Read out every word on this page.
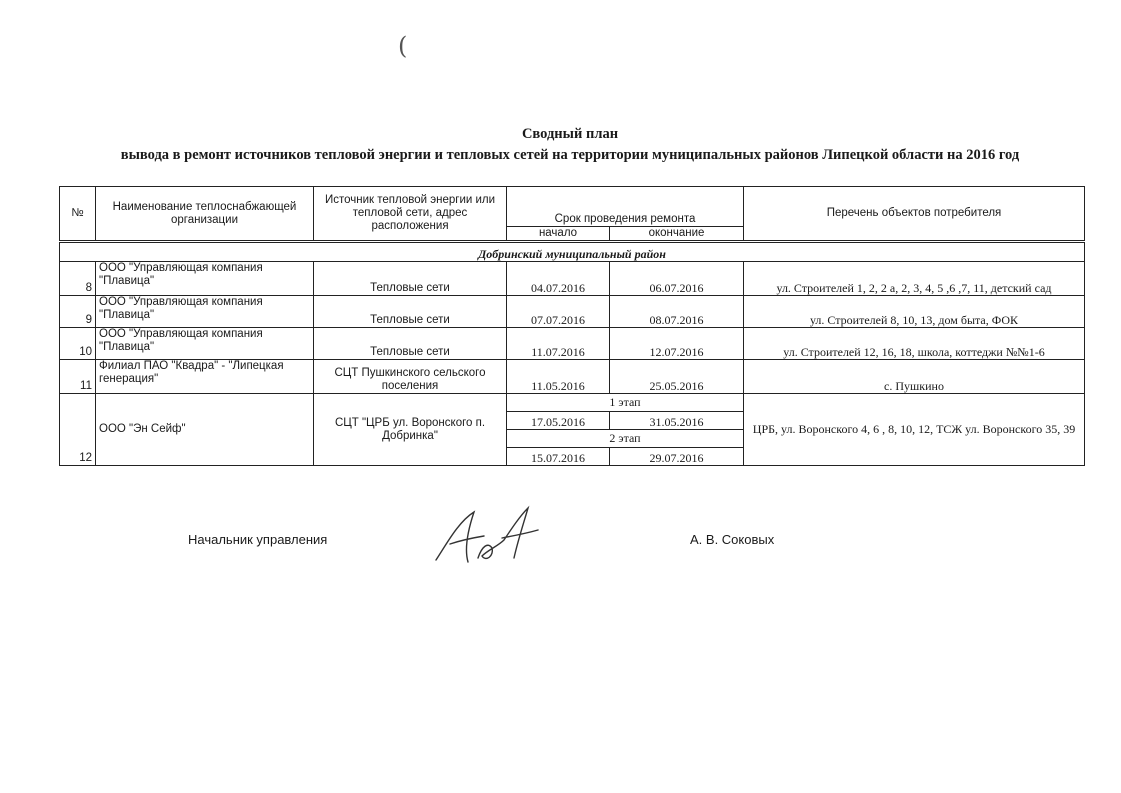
(
Сводный план
вывода в ремонт источников тепловой энергии и тепловых сетей на территории муниципальных районов Липецкой области на 2016 год
№	Наименование теплоснабжающей организации	Источник тепловой энергии или тепловой сети, адрес расположения	Срок проведения ремонта		Перечень объектов потребителя
			начало	окончание	
Добринский муниципальный район					
8	ООО "Управляющая компания "Плавица"	Тепловые сети	04.07.2016	06.07.2016	ул. Строителей 1, 2, 2 а, 2, 3, 4, 5 ,6 ,7, 11, детский сад
9	ООО "Управляющая компания "Плавица"	Тепловые сети	07.07.2016	08.07.2016	ул. Строителей 8, 10, 13, дом быта, ФОК
10	ООО "Управляющая компания "Плавица"	Тепловые сети	11.07.2016	12.07.2016	ул. Строителей 12, 16, 18, школа, коттеджи №№1-6
11	Филиал ПАО "Квадра" - "Липецкая генерация"	СЦТ Пушкинского сельского поселения	11.05.2016	25.05.2016	с. Пушкино
12	ООО "Эн Сейф"	СЦТ "ЦРБ ул. Воронского п. Добринка"	1 этап		ЦРБ, ул. Воронского 4, 6 , 8, 10, 12, ТСЖ ул. Воронского 35, 39
			17.05.2016	31.05.2016	
			2 этап		
			15.07.2016	29.07.2016	
Начальник управления	А. В. Соковых
